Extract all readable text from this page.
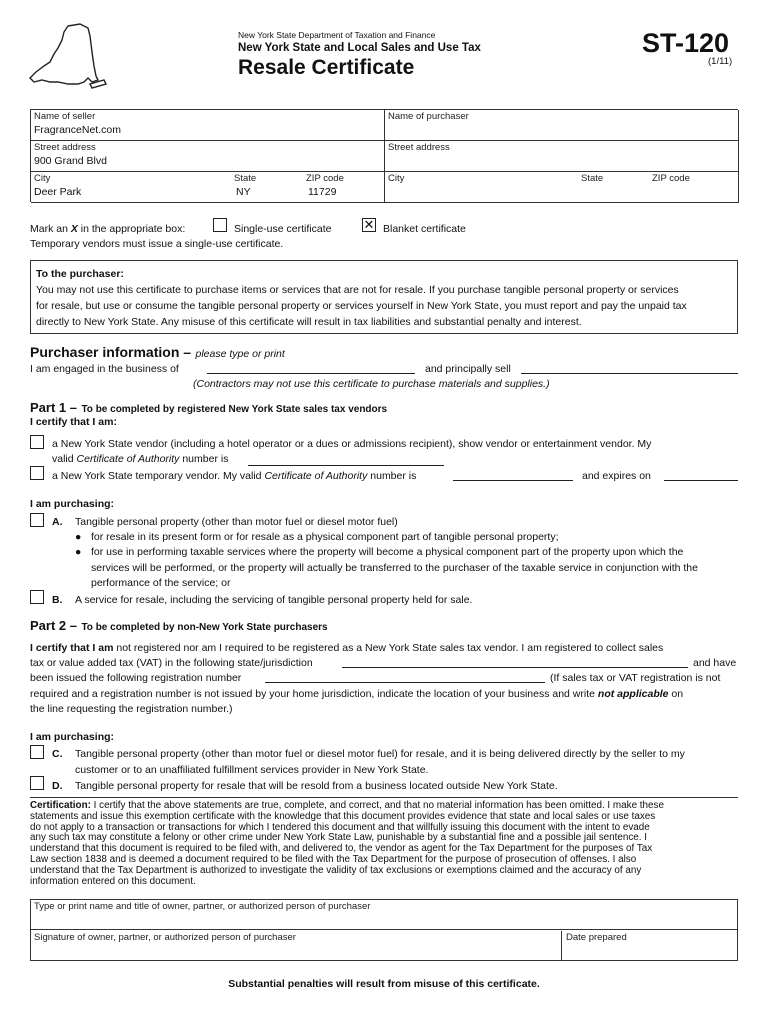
New York State Department of Taxation and Finance
New York State and Local Sales and Use Tax
Resale Certificate
ST-120
(1/11)
Name of seller
FragranceNet.com
Street address
900 Grand Blvd
City
Deer Park
State
NY
ZIP code
11729
Name of purchaser
Street address
City	State	ZIP code
Mark an X in the appropriate box:	Single-use certificate ✕ Blanket certificate
Temporary vendors must issue a single-use certificate.
To the purchaser:
You may not use this certificate to purchase items or services that are not for resale. If you purchase tangible personal property or services
for resale, but use or consume the tangible personal property or services yourself in New York State, you must report and pay the unpaid tax
directly to New York State. Any misuse of this certificate will result in tax liabilities and substantial penalty and interest.
Purchaser information – please type or print
I am engaged in the business of	and principally sell
(Contractors may not use this certificate to purchase materials and supplies.)
Part 1 – To be completed by registered New York State sales tax vendors
I certify that I am:
a New York State vendor (including a hotel operator or a dues or admissions recipient), show vendor or entertainment vendor. My
valid Certificate of Authority number is
a New York State temporary vendor. My valid Certificate of Authority number is	and expires on
I am purchasing:
A. Tangible personal property (other than motor fuel or diesel motor fuel)
● for resale in its present form or for resale as a physical component part of tangible personal property;
● for use in performing taxable services where the property will become a physical component part of the property upon which the
services will be performed, or the property will actually be transferred to the purchaser of the taxable service in conjunction with the
performance of the service; or
B. A service for resale, including the servicing of tangible personal property held for sale.
Part 2 – To be completed by non-New York State purchasers
I certify that I am not registered nor am I required to be registered as a New York State sales tax vendor. I am registered to collect sales
tax or value added tax (VAT) in the following state/jurisdiction	and have
been issued the following registration number	(If sales tax or VAT registration is not
required and a registration number is not issued by your home jurisdiction, indicate the location of your business and write not applicable on
the line requesting the registration number.)
I am purchasing:
C. Tangible personal property (other than motor fuel or diesel motor fuel) for resale, and it is being delivered directly by the seller to my
customer or to an unaffiliated fulfillment services provider in New York State.
D. Tangible personal property for resale that will be resold from a business located outside New York State.
Certification: I certify that the above statements are true, complete, and correct, and that no material information has been omitted. I make these
statements and issue this exemption certificate with the knowledge that this document provides evidence that state and local sales or use taxes
do not apply to a transaction or transactions for which I tendered this document and that willfully issuing this document with the intent to evade
any such tax may constitute a felony or other crime under New York State Law, punishable by a substantial fine and a possible jail sentence. I
understand that this document is required to be filed with, and delivered to, the vendor as agent for the Tax Department for the purposes of Tax
Law section 1838 and is deemed a document required to be filed with the Tax Department for the purpose of prosecution of offenses. I also
understand that the Tax Department is authorized to investigate the validity of tax exclusions or exemptions claimed and the accuracy of any
information entered on this document.
Type or print name and title of owner, partner, or authorized person of purchaser
Signature of owner, partner, or authorized person of purchaser	Date prepared
Substantial penalties will result from misuse of this certificate.
